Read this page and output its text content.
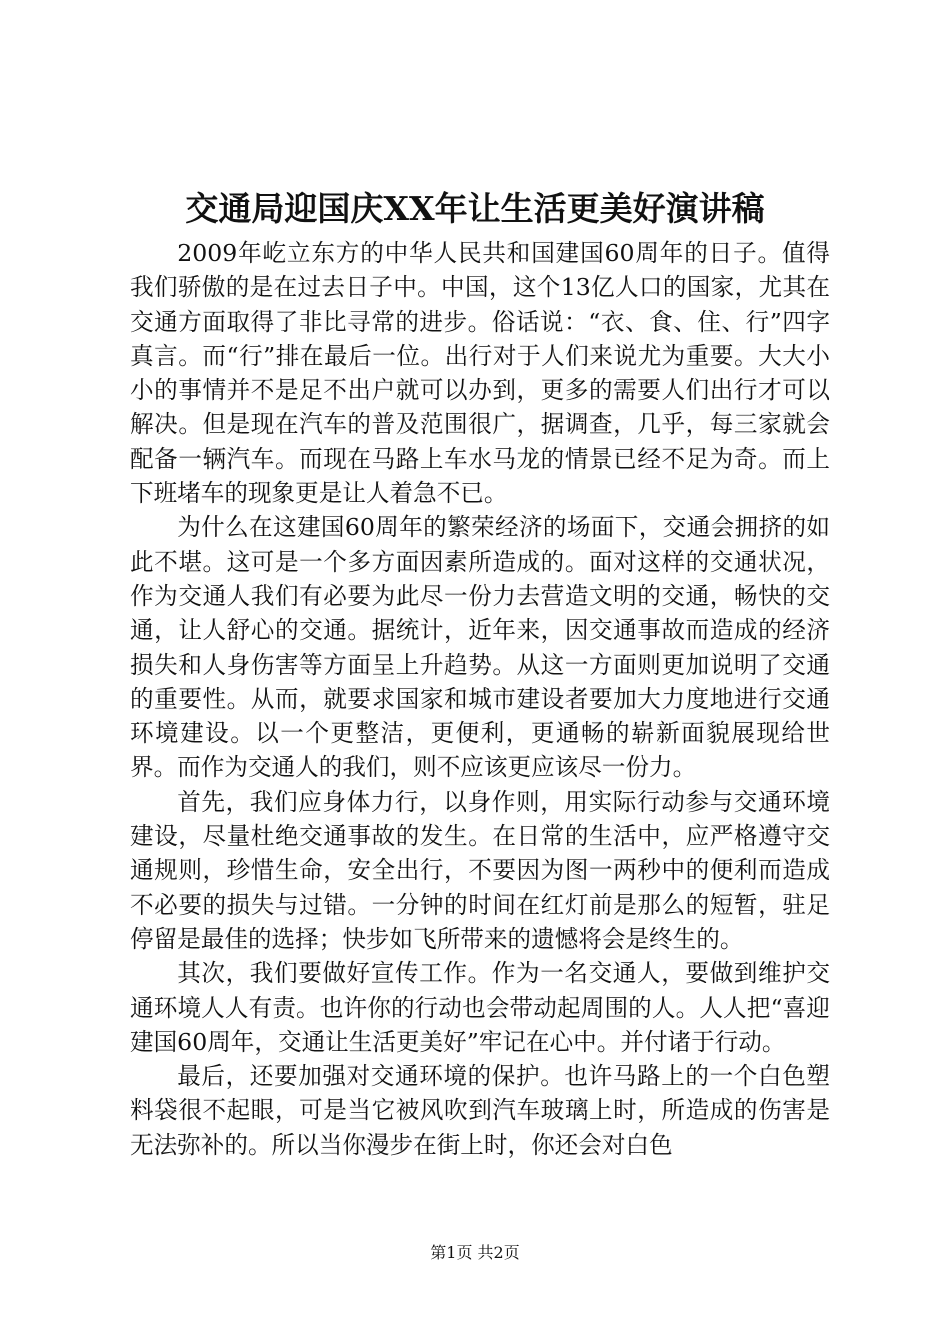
交通局迎国庆XX年让生活更美好演讲稿

2009年屹立东方的中华人民共和国建国60周年的日子。值得我们骄傲的是在过去日子中。中国，这个13亿人口的国家，尤其在交通方面取得了非比寻常的进步。俗话说：“衣、食、住、行”四字真言。而“行”排在最后一位。出行对于人们来说尤为重要。大大小小的事情并不是足不出户就可以办到，更多的需要人们出行才可以解决。但是现在汽车的普及范围很广，据调查，几乎，每三家就会配备一辆汽车。而现在马路上车水马龙的情景已经不足为奇。而上下班堵车的现象更是让人着急不已。

为什么在这建国60周年的繁荣经济的场面下，交通会拥挤的如此不堪。这可是一个多方面因素所造成的。面对这样的交通状况，作为交通人我们有必要为此尽一份力去营造文明的交通，畅快的交通，让人舒心的交通。据统计，近年来，因交通事故而造成的经济损失和人身伤害等方面呈上升趋势。从这一方面则更加说明了交通的重要性。从而，就要求国家和城市建设者要加大力度地进行交通环境建设。以一个更整洁，更便利，更通畅的崭新面貌展现给世界。而作为交通人的我们，则不应该更应该尽一份力。

首先，我们应身体力行，以身作则，用实际行动参与交通环境建设，尽量杜绝交通事故的发生。在日常的生活中，应严格遵守交通规则，珍惜生命，安全出行，不要因为图一两秒中的便利而造成不必要的损失与过错。一分钟的时间在红灯前是那么的短暂，驻足停留是最佳的选择；快步如飞所带来的遗憾将会是终生的。

其次，我们要做好宣传工作。作为一名交通人，要做到维护交通环境人人有责。也许你的行动也会带动起周围的人。人人把“喜迎建国60周年，交通让生活更美好”牢记在心中。并付诸于行动。

最后，还要加强对交通环境的保护。也许马路上的一个白色塑料袋很不起眼，可是当它被风吹到汽车玻璃上时，所造成的伤害是无法弥补的。所以当你漫步在街上时，你还会对白色

第1页 共2页
